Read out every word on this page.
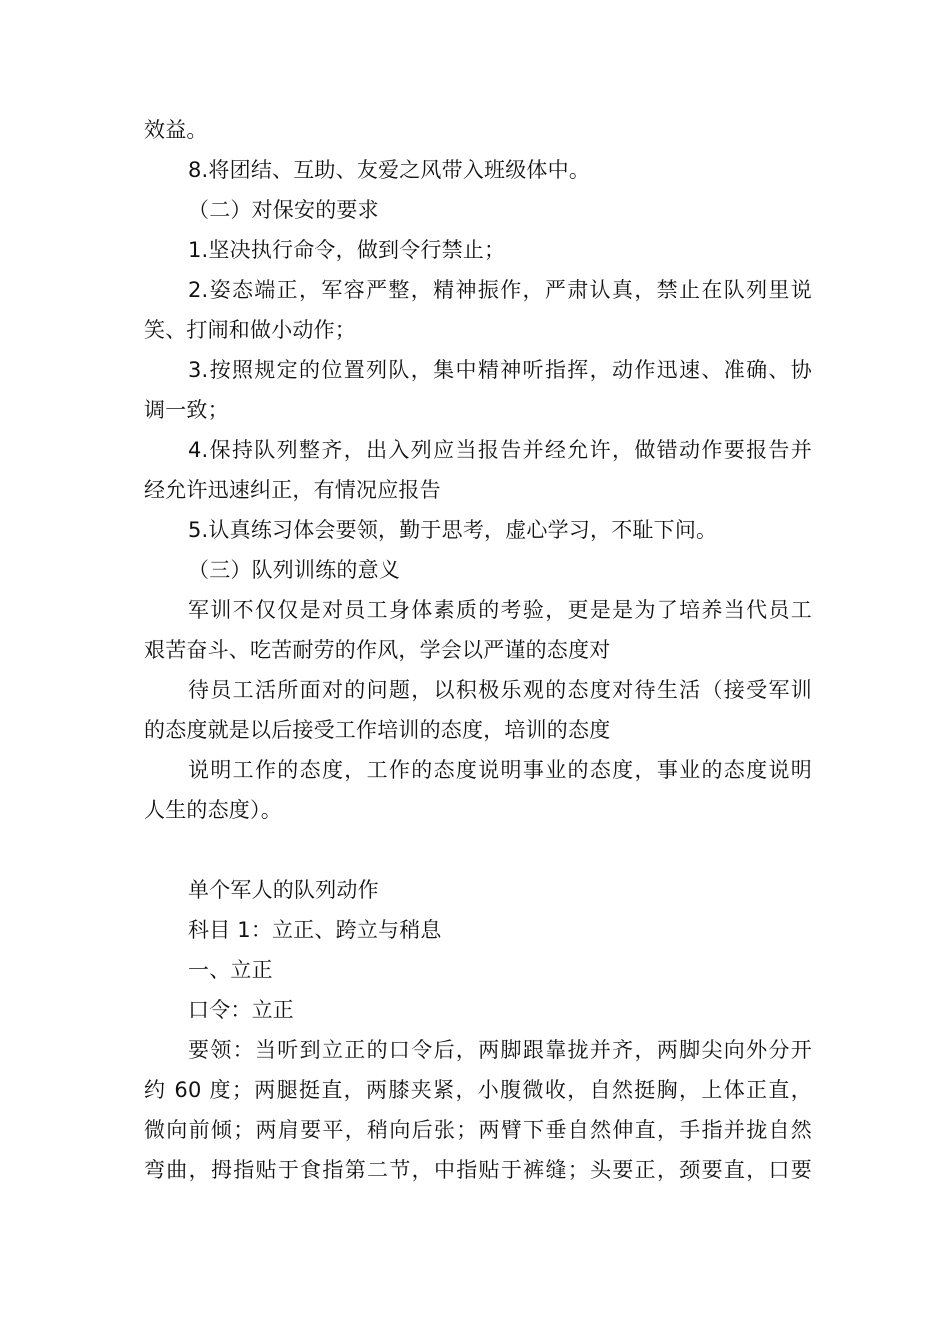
效益。
8.将团结、互助、友爱之风带入班级体中。
（二）对保安的要求
1.坚决执行命令，做到令行禁止；
2.姿态端正，军容严整，精神振作，严肃认真，禁止在队列里说
笑、打闹和做小动作；
3.按照规定的位置列队，集中精神听指挥，动作迅速、准确、协
调一致；
4.保持队列整齐，出入列应当报告并经允许，做错动作要报告并
经允许迅速纠正，有情况应报告
5.认真练习体会要领，勤于思考，虚心学习，不耻下问。
（三）队列训练的意义
军训不仅仅是对员工身体素质的考验，更是是为了培养当代员工
艰苦奋斗、吃苦耐劳的作风，学会以严谨的态度对
待员工活所面对的问题，以积极乐观的态度对待生活（接受军训
的态度就是以后接受工作培训的态度，培训的态度
说明工作的态度，工作的态度说明事业的态度，事业的态度说明
人生的态度）。
单个军人的队列动作
科目 1：立正、跨立与稍息
一、立正
口令：立正
要领：当听到立正的口令后，两脚跟靠拢并齐，两脚尖向外分开
约 60 度；两腿挺直，两膝夹紧，小腹微收，自然挺胸，上体正直，
微向前倾；两肩要平，稍向后张；两臂下垂自然伸直，手指并拢自然
弯曲，拇指贴于食指第二节，中指贴于裤缝；头要正，颈要直，口要
